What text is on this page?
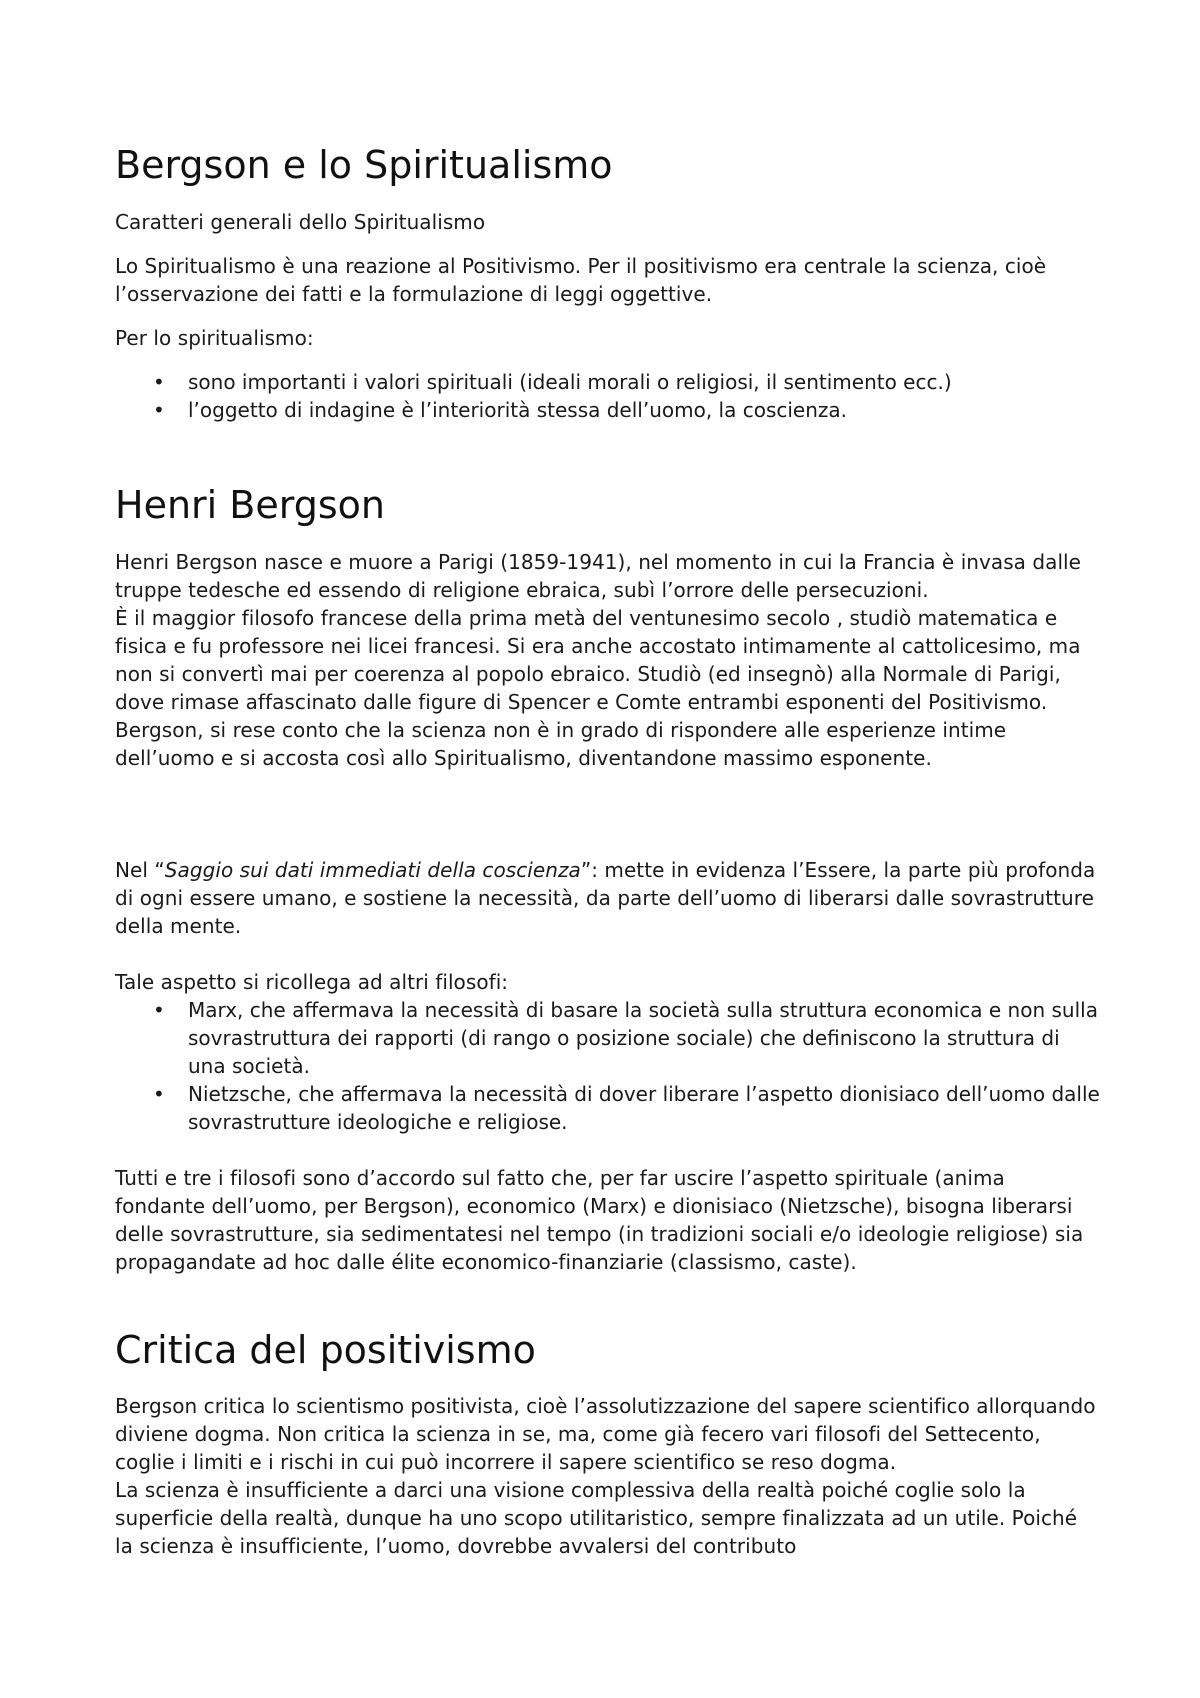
Bergson e lo Spiritualismo

Caratteri generali dello Spiritualismo

Lo Spiritualismo è una reazione al Positivismo. Per il positivismo era centrale la scienza, cioè l’osservazione dei fatti e la formulazione di leggi oggettive.

Per lo spiritualismo:

• sono importanti i valori spirituali (ideali morali o religiosi, il sentimento ecc.)
• l’oggetto di indagine è l’interiorità stessa dell’uomo, la coscienza.
Henri Bergson

Henri Bergson nasce e muore a Parigi (1859-1941), nel momento in cui la Francia è invasa dalle truppe tedesche ed essendo di religione ebraica, subì l’orrore delle persecuzioni.
È il maggior filosofo francese della prima metà del ventunesimo secolo , studiò matematica e fisica e fu professore nei licei francesi. Si era anche accostato intimamente al cattolicesimo, ma non si convertì mai per coerenza al popolo ebraico. Studiò (ed insegnò) alla Normale di Parigi, dove rimase affascinato dalle figure di Spencer e Comte entrambi esponenti del Positivismo. Bergson, si rese conto che la scienza non è in grado di rispondere alle esperienze intime dell’uomo e si accosta così allo Spiritualismo, diventandone massimo esponente.

Nel “Saggio sui dati immediati della coscienza”: mette in evidenza l’Essere, la parte più profonda di ogni essere umano, e sostiene la necessità, da parte dell’uomo di liberarsi dalle sovrastrutture della mente.

Tale aspetto si ricollega ad altri filosofi:

• Marx, che affermava la necessità di basare la società sulla struttura economica e non sulla sovrastruttura dei rapporti (di rango o posizione sociale) che definiscono la struttura di una società.
• Nietzsche, che affermava la necessità di dover liberare l’aspetto dionisiaco dell’uomo dalle sovrastrutture ideologiche e religiose.

Tutti e tre i filosofi sono d’accordo sul fatto che, per far uscire l’aspetto spirituale (anima fondante dell’uomo, per Bergson), economico (Marx) e dionisiaco (Nietzsche), bisogna liberarsi delle sovrastrutture, sia sedimentatesi nel tempo (in tradizioni sociali e/o ideologie religiose) sia propagandate ad hoc dalle élite economico-finanziarie (classismo, caste).

Critica del positivismo

Bergson critica lo scientismo positivista, cioè l’assolutizzazione del sapere scientifico allorquando diviene dogma. Non critica la scienza in se, ma, come già fecero vari filosofi del Settecento, coglie i limiti e i rischi in cui può incorrere il sapere scientifico se reso dogma.
La scienza è insufficiente a darci una visione complessiva della realtà poiché coglie solo la superficie della realtà, dunque ha uno scopo utilitaristico, sempre finalizzata ad un utile. Poiché la scienza è insufficiente, l’uomo, dovrebbe avvalersi del contributo
